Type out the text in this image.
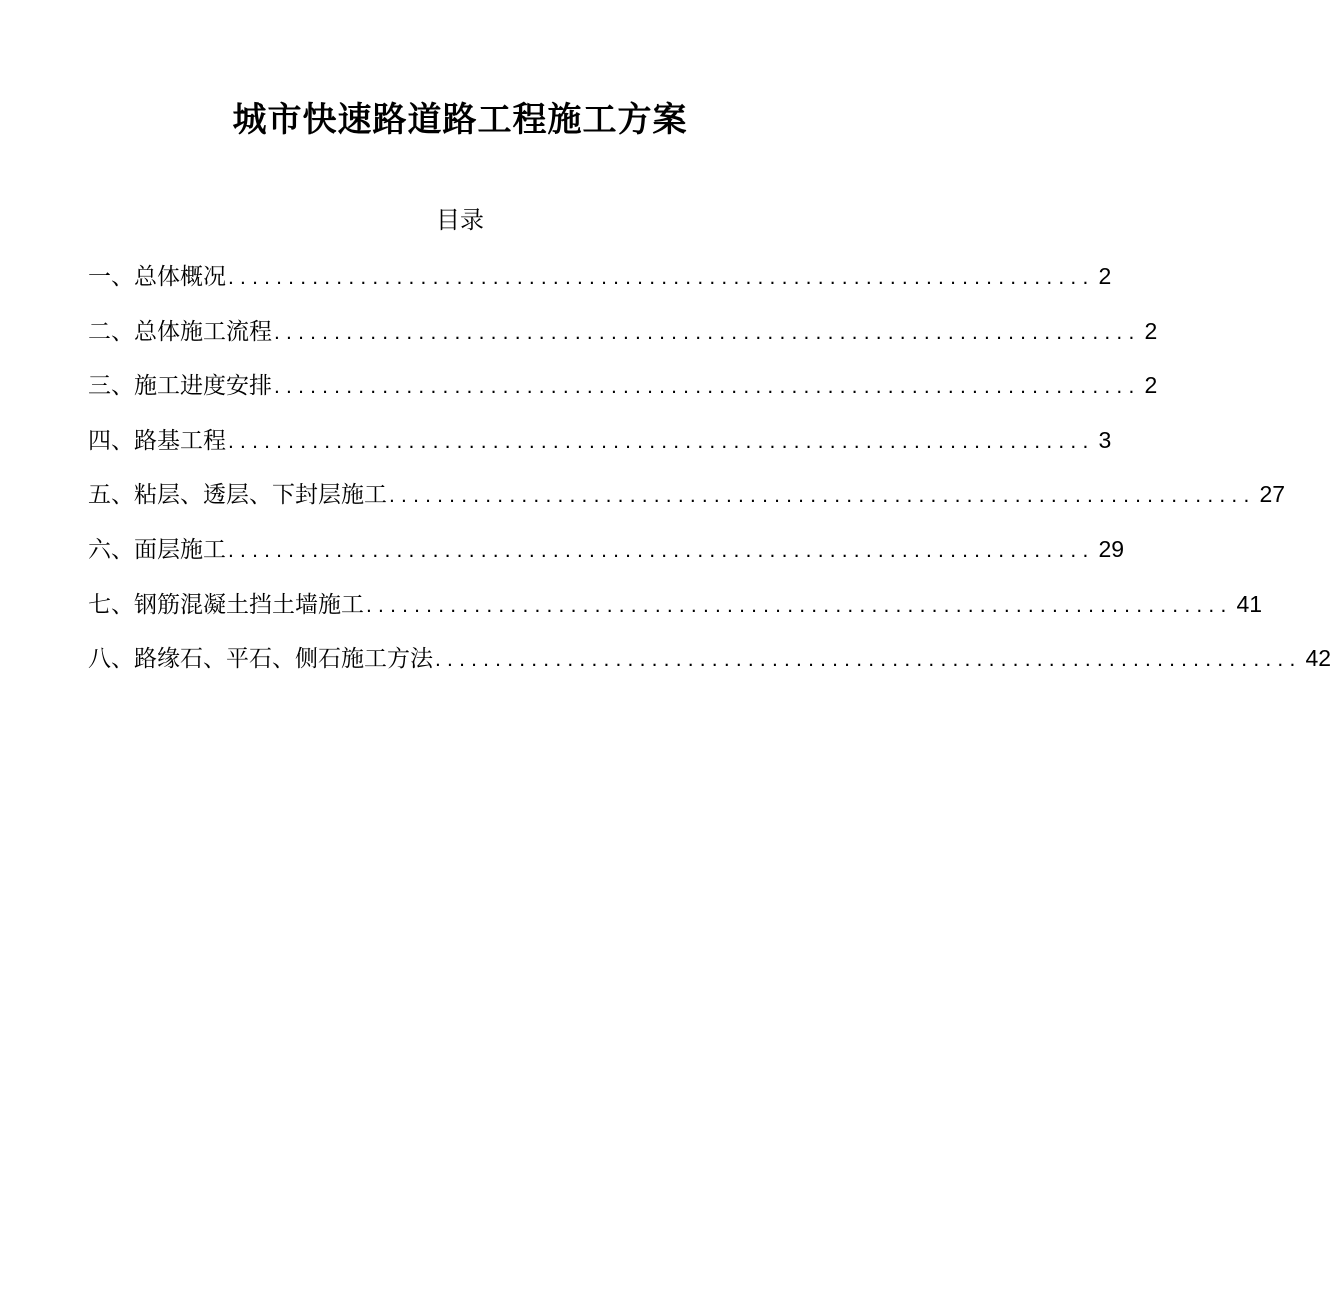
城市快速路道路工程施工方案
目录
一、总体概况 ........................................................................ 2
二、总体施工流程 ........................................................................ 2
三、施工进度安排 ........................................................................ 2
四、路基工程 ........................................................................ 3
五、粘层、透层、下封层施工 ........................................................................ 27
六、面层施工 ........................................................................ 29
七、钢筋混凝土挡土墙施工 ........................................................................ 41
八、路缘石、平石、侧石施工方法 ........................................................................ 42
